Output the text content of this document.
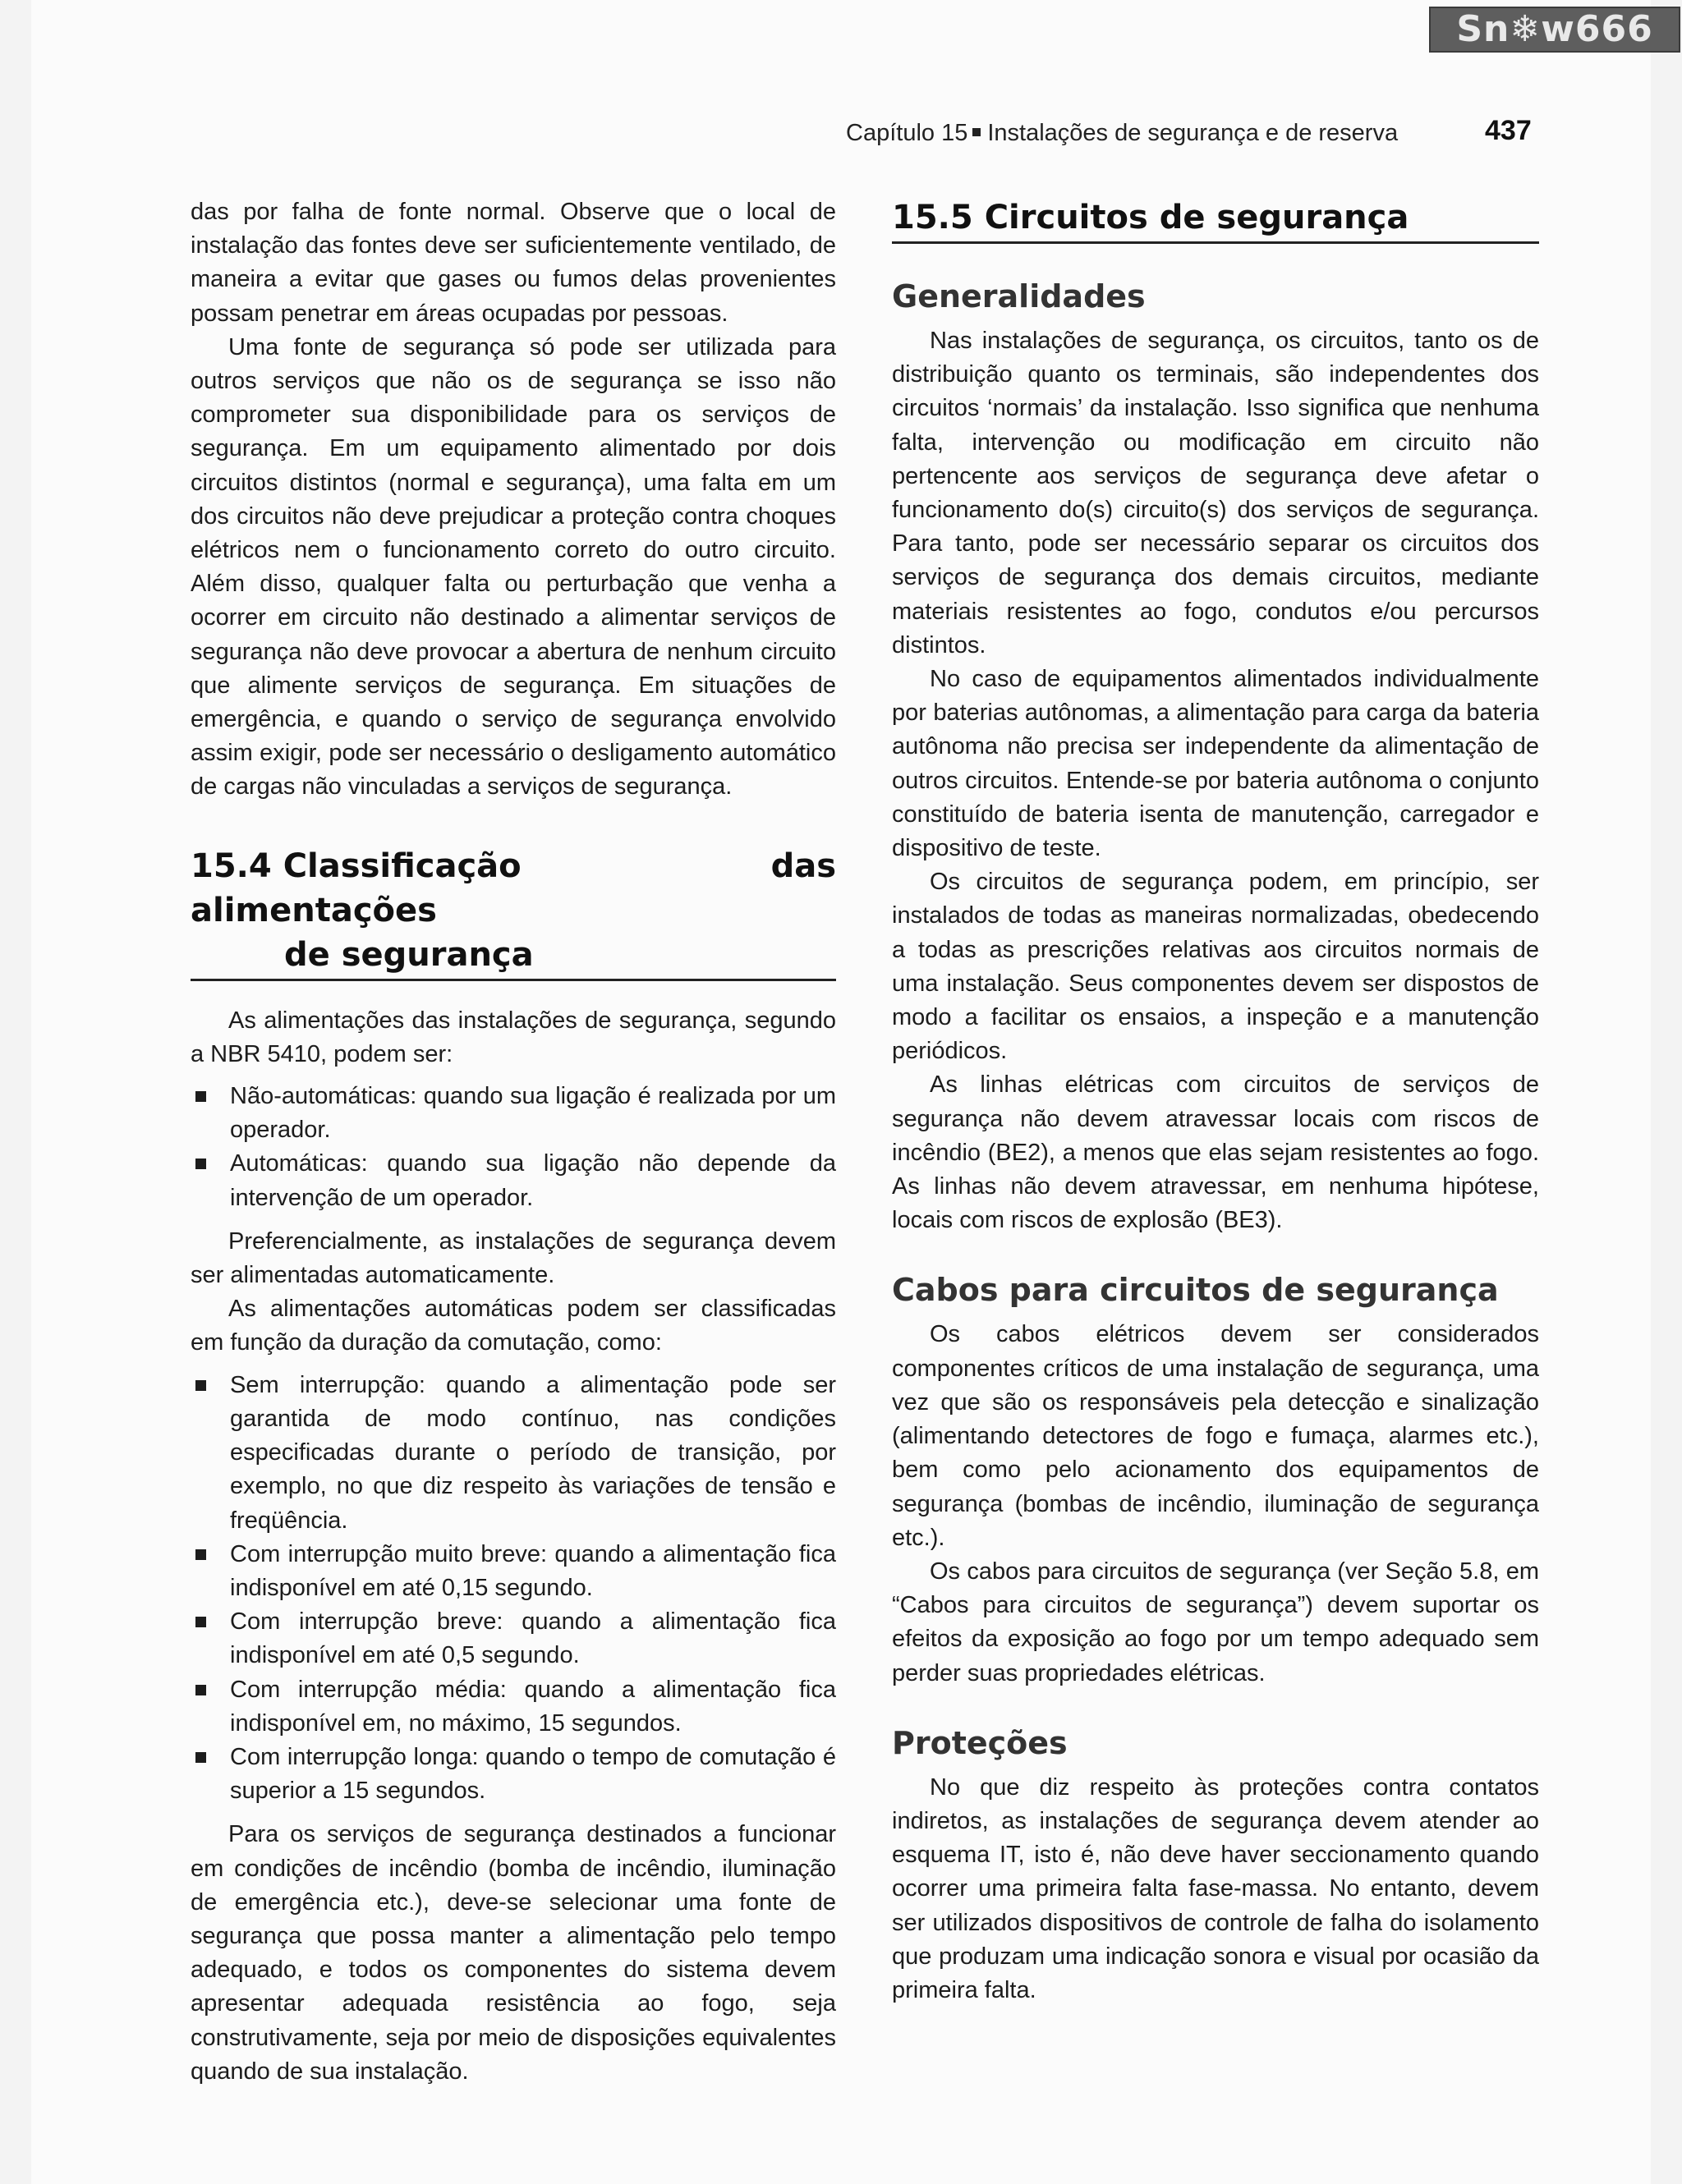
Sn❄w666
Capítulo 15 Instalações de segurança e de reserva	437

das por falha de fonte normal. Observe que o local de instalação das fontes deve ser suficientemente ventilado, de maneira a evitar que gases ou fumos delas provenientes possam penetrar em áreas ocupadas por pessoas.

Uma fonte de segurança só pode ser utilizada para outros serviços que não os de segurança se isso não comprometer sua disponibilidade para os serviços de segurança. Em um equipamento alimentado por dois circuitos distintos (normal e segurança), uma falta em um dos circuitos não deve prejudicar a proteção contra choques elétricos nem o funcionamento correto do outro circuito. Além disso, qualquer falta ou perturbação que venha a ocorrer em circuito não destinado a alimentar serviços de segurança não deve provocar a abertura de nenhum circuito que alimente serviços de segurança. Em situações de emergência, e quando o serviço de segurança envolvido assim exigir, pode ser necessário o desligamento automático de cargas não vinculadas a serviços de segurança.

15.4 Classificação das alimentações
de segurança

As alimentações das instalações de segurança, segundo a NBR 5410, podem ser:

Não-automáticas: quando sua ligação é realizada por um operador.
Automáticas: quando sua ligação não depende da intervenção de um operador.

Preferencialmente, as instalações de segurança devem ser alimentadas automaticamente.

As alimentações automáticas podem ser classificadas em função da duração da comutação, como:

Sem interrupção: quando a alimentação pode ser garantida de modo contínuo, nas condições especificadas durante o período de transição, por exemplo, no que diz respeito às variações de tensão e freqüência.
Com interrupção muito breve: quando a alimentação fica indisponível em até 0,15 segundo.
Com interrupção breve: quando a alimentação fica indisponível em até 0,5 segundo.
Com interrupção média: quando a alimentação fica indisponível em, no máximo, 15 segundos.
Com interrupção longa: quando o tempo de comutação é superior a 15 segundos.

Para os serviços de segurança destinados a funcionar em condições de incêndio (bomba de incêndio, iluminação de emergência etc.), deve-se selecionar uma fonte de segurança que possa manter a alimentação pelo tempo adequado, e todos os componentes do sistema devem apresentar adequada resistência ao fogo, seja construtivamente, seja por meio de disposições equivalentes quando de sua instalação.

15.5 Circuitos de segurança
Generalidades

Nas instalações de segurança, os circuitos, tanto os de distribuição quanto os terminais, são independentes dos circuitos ‘normais’ da instalação. Isso significa que nenhuma falta, intervenção ou modificação em circuito não pertencente aos serviços de segurança deve afetar o funcionamento do(s) circuito(s) dos serviços de segurança. Para tanto, pode ser necessário separar os circuitos dos serviços de segurança dos demais circuitos, mediante materiais resistentes ao fogo, condutos e/ou percursos distintos.

No caso de equipamentos alimentados individualmente por baterias autônomas, a alimentação para carga da bateria autônoma não precisa ser independente da alimentação de outros circuitos. Entende-se por bateria autônoma o conjunto constituído de bateria isenta de manutenção, carregador e dispositivo de teste.

Os circuitos de segurança podem, em princípio, ser instalados de todas as maneiras normalizadas, obedecendo a todas as prescrições relativas aos circuitos normais de uma instalação. Seus componentes devem ser dispostos de modo a facilitar os ensaios, a inspeção e a manutenção periódicos.

As linhas elétricas com circuitos de serviços de segurança não devem atravessar locais com riscos de incêndio (BE2), a menos que elas sejam resistentes ao fogo. As linhas não devem atravessar, em nenhuma hipótese, locais com riscos de explosão (BE3).

Cabos para circuitos de segurança

Os cabos elétricos devem ser considerados componentes críticos de uma instalação de segurança, uma vez que são os responsáveis pela detecção e sinalização (alimentando detectores de fogo e fumaça, alarmes etc.), bem como pelo acionamento dos equipamentos de segurança (bombas de incêndio, iluminação de segurança etc.).

Os cabos para circuitos de segurança (ver Seção 5.8, em “Cabos para circuitos de segurança”) devem suportar os efeitos da exposição ao fogo por um tempo adequado sem perder suas propriedades elétricas.

Proteções

No que diz respeito às proteções contra contatos indiretos, as instalações de segurança devem atender ao esquema IT, isto é, não deve haver seccionamento quando ocorrer uma primeira falta fase-massa. No entanto, devem ser utilizados dispositivos de controle de falha do isolamento que produzam uma indicação sonora e visual por ocasião da primeira falta.
